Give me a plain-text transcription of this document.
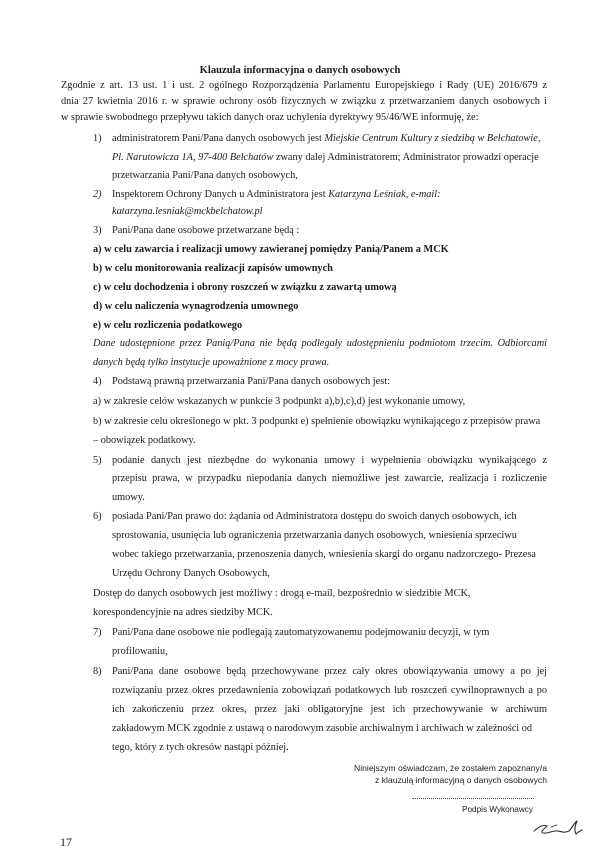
Klauzula informacyjna o danych osobowych
Zgodnie z art. 13 ust. 1 i ust. 2 ogólnego Rozporządzenia Parlamentu Europejskiego i Rady (UE) 2016/679 z
dnia 27 kwietnia 2016 r. w sprawie ochrony osób fizycznych w związku z przetwarzaniem danych osobowych i
w sprawie swobodnego przepływu takich danych oraz uchylenia dyrektywy 95/46/WE informuję, że:
1) administratorem Pani/Pana danych osobowych jest Miejskie Centrum Kultury z siedzibą w Bełchatowie,
Pl. Narutowicza 1A, 97-400 Bełchatów zwany dalej Administratorem; Administrator prowadzi operacje
przetwarzania Pani/Pana danych osobowych,
2) Inspektorem Ochrony Danych u Administratora jest Katarzyna Leśniak, e-mail:
katarzyna.lesniak@mckbelchatow.pl
3) Pani/Pana dane osobowe przetwarzane będą :
a) w celu zawarcia i realizacji umowy zawieranej pomiędzy Panią/Panem a MCK
b) w celu monitorowania realizacji zapisów umownych
c) w celu dochodzenia i obrony roszczeń w związku z zawartą umową
d) w celu naliczenia wynagrodzenia umownego
e) w celu rozliczenia podatkowego
Dane udostępnione przez Panią/Pana nie będą podlegały udostępnieniu podmiotom trzecim. Odbiorcami
danych będą tylko instytucje upoważnione z mocy prawa.
4) Podstawą prawną przetwarzania Pani/Pana danych osobowych jest:
a) w zakresie celów wskazanych w punkcie 3 podpunkt a),b),c),d) jest wykonanie umowy,
b) w zakresie celu określonego w pkt. 3 podpunkt e) spełnienie obowiązku wynikającego z przepisów prawa
– obowiązek podatkowy.
5) podanie danych jest niezbędne do wykonania umowy i wypełnienia obowiązku wynikającego z
przepisu prawa, w przypadku niepodania danych niemożliwe jest zawarcie, realizacja i rozliczenie
umowy.
6) posiada Pani/Pan prawo do: żądania od Administratora dostępu do swoich danych osobowych, ich
sprostowania, usunięcia lub ograniczenia przetwarzania danych osobowych, wniesienia sprzeciwu
wobec takiego przetwarzania, przenoszenia danych, wniesienia skargi do organu nadzorczego- Prezesa
Urzędu Ochrony Danych Osobowych,
Dostęp do danych osobowych jest możliwy : drogą e-mail, bezpośrednio w siedzibie MCK,
korespondencyjnie na adres siedziby MCK.
7) Pani/Pana dane osobowe nie podlegają zautomatyzowanemu podejmowaniu decyzji, w tym
profilowaniu,
8) Pani/Pana dane osobowe będą przechowywane przez cały okres obowiązywania umowy a po jej
rozwiązaniu przez okres przedawnienia zobowiązań podatkowych lub roszczeń cywilnoprawnych a po
ich zakończeniu przez okres, przez jaki obligatoryjne jest ich przechowywanie w archiwum
zakładowym MCK zgodnie z ustawą o narodowym zasobie archiwalnym i archiwach w zależności od
tego, który z tych okresów nastąpi później.
Niniejszym oświadczam, że zostałem zapoznany/a
z klauzulą informacyjną o danych osobowych
Podpis Wykonawcy
17
